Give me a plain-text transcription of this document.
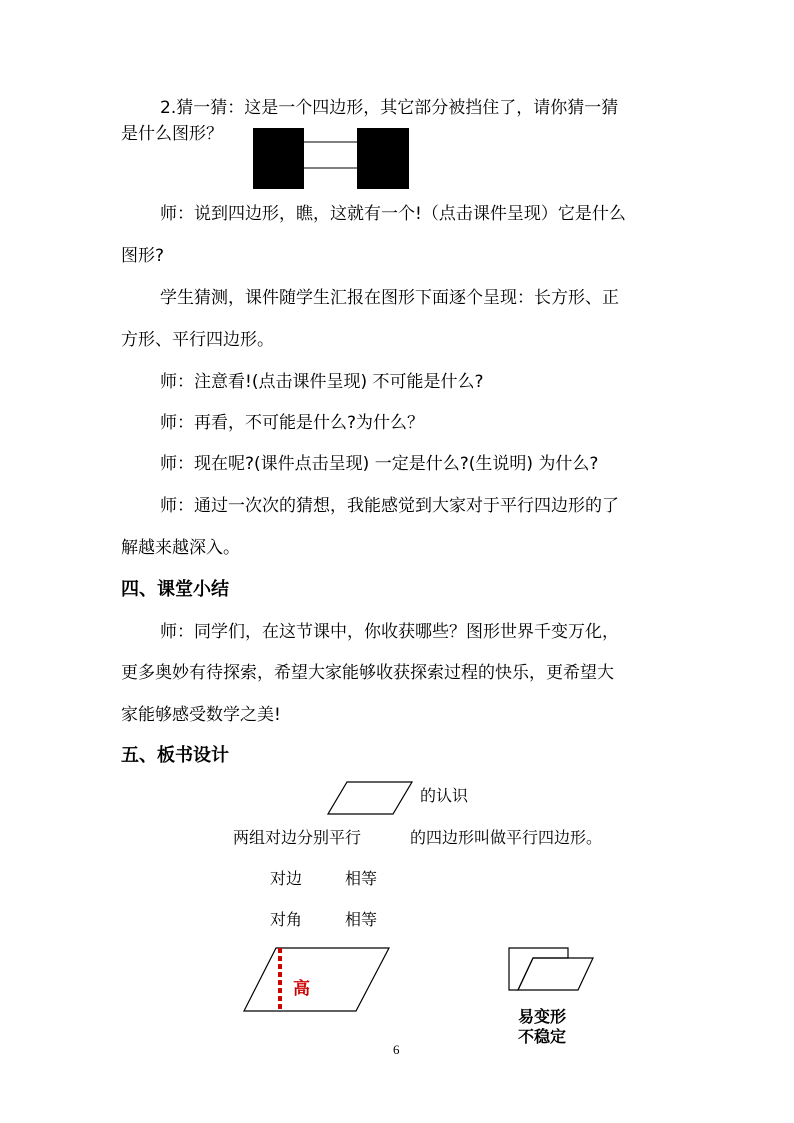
2.猜一猜：这是一个四边形，其它部分被挡住了，请你猜一猜
是什么图形？
师：说到四边形，瞧，这就有一个!（点击课件呈现）它是什么
图形?
学生猜测，课件随学生汇报在图形下面逐个呈现：长方形、正
方形、平行四边形。
师：注意看!(点击课件呈现) 不可能是什么?
师：再看，不可能是什么?为什么？
师：现在呢?(课件点击呈现) 一定是什么?(生说明) 为什么?
师：通过一次次的猜想，我能感觉到大家对于平行四边形的了
解越来越深入。
四、课堂小结
师：同学们，在这节课中，你收获哪些？图形世界千变万化，
更多奥妙有待探索，希望大家能够收获探索过程的快乐，更希望大
家能够感受数学之美!
五、板书设计
的认识
两组对边分别平行	的四边形叫做平行四边形。
对边	相等
对角	相等
高
易变形
不稳定
6
